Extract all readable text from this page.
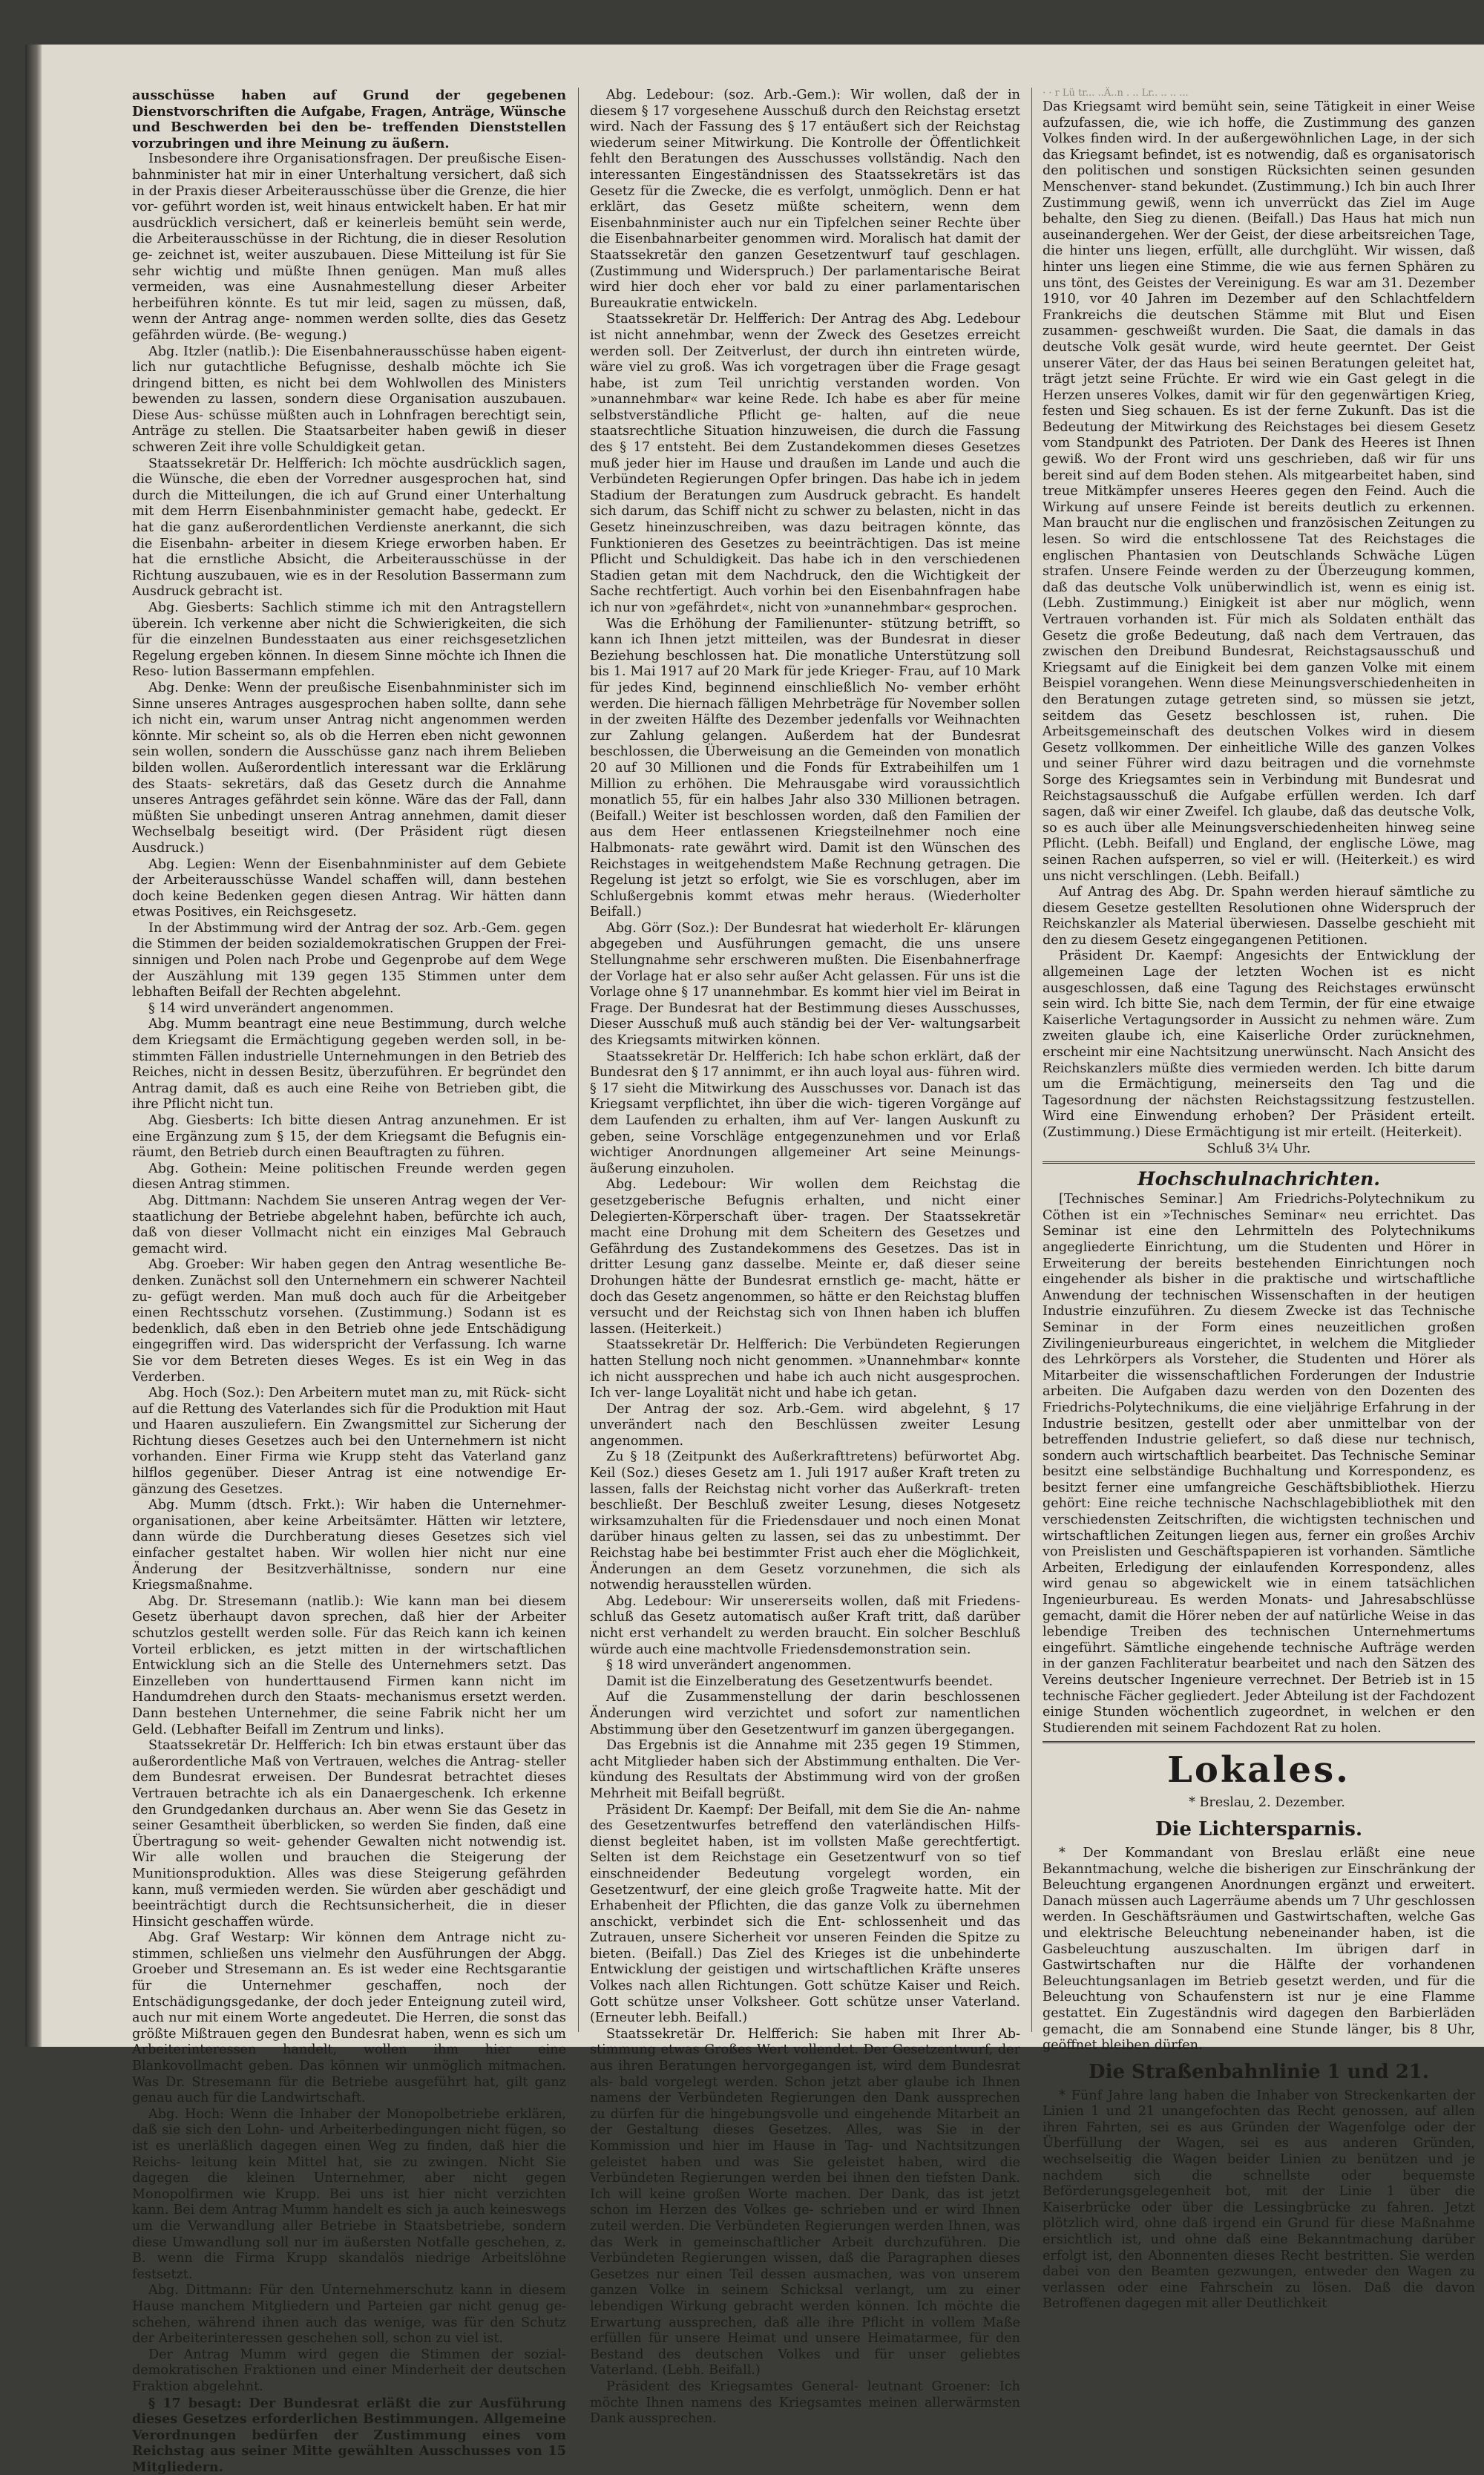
ausschüsse haben auf Grund der gegebenen Dienstvorschriften die Aufgabe, Fragen, Anträge, Wünsche und Beschwerden bei den be- treffenden Dienststellen vorzubringen und ihre Meinung zu äußern.

Insbesondere ihre Organisationsfragen. Der preußische Eisen- bahnminister hat mir in einer Unterhaltung versichert, daß sich in der Praxis dieser Arbeiterausschüsse über die Grenze, die hier vor- geführt worden ist, weit hinaus entwickelt haben. Er hat mir ausdrücklich versichert, daß er keinerleis bemüht sein werde, die Arbeiterausschüsse in der Richtung, die in dieser Resolution ge- zeichnet ist, weiter auszubauen. Diese Mitteilung ist für Sie sehr wichtig und müßte Ihnen genügen. Man muß alles vermeiden, was eine Ausnahmestellung dieser Arbeiter herbeiführen könnte. Es tut mir leid, sagen zu müssen, daß, wenn der Antrag ange- nommen werden sollte, dies das Gesetz gefährden würde. (Be- wegung.)

Abg. Itzler (natlib.): Die Eisenbahnerausschüsse haben eigent- lich nur gutachtliche Befugnisse, deshalb möchte ich Sie dringend bitten, es nicht bei dem Wohlwollen des Ministers bewenden zu lassen, sondern diese Organisation auszubauen. Diese Aus- schüsse müßten auch in Lohnfragen berechtigt sein, Anträge zu stellen. Die Staatsarbeiter haben gewiß in dieser schweren Zeit ihre volle Schuldigkeit getan.

Staatssekretär Dr. Helfferich: Ich möchte ausdrücklich sagen, die Wünsche, die eben der Vorredner ausgesprochen hat, sind durch die Mitteilungen, die ich auf Grund einer Unterhaltung mit dem Herrn Eisenbahnminister gemacht habe, gedeckt. Er hat die ganz außerordentlichen Verdienste anerkannt, die sich die Eisenbahn- arbeiter in diesem Kriege erworben haben. Er hat die ernstliche Absicht, die Arbeiterausschüsse in der Richtung auszubauen, wie es in der Resolution Bassermann zum Ausdruck gebracht ist.

Abg. Giesberts: Sachlich stimme ich mit den Antragstellern überein. Ich verkenne aber nicht die Schwierigkeiten, die sich für die einzelnen Bundesstaaten aus einer reichsgesetzlichen Regelung ergeben können. In diesem Sinne möchte ich Ihnen die Reso- lution Bassermann empfehlen.

Abg. Denke: Wenn der preußische Eisenbahnminister sich im Sinne unseres Antrages ausgesprochen haben sollte, dann sehe ich nicht ein, warum unser Antrag nicht angenommen werden könnte. Mir scheint so, als ob die Herren eben nicht gewonnen sein wollen, sondern die Ausschüsse ganz nach ihrem Belieben bilden wollen. Außerordentlich interessant war die Erklärung des Staats- sekretärs, daß das Gesetz durch die Annahme unseres Antrages gefährdet sein könne. Wäre das der Fall, dann müßten Sie unbedingt unseren Antrag annehmen, damit dieser Wechselbalg beseitigt wird. (Der Präsident rügt diesen Ausdruck.)

Abg. Legien: Wenn der Eisenbahnminister auf dem Gebiete der Arbeiterausschüsse Wandel schaffen will, dann bestehen doch keine Bedenken gegen diesen Antrag. Wir hätten dann etwas Positives, ein Reichsgesetz.

In der Abstimmung wird der Antrag der soz. Arb.-Gem. gegen die Stimmen der beiden sozialdemokratischen Gruppen der Frei- sinnigen und Polen nach Probe und Gegenprobe auf dem Wege der Auszählung mit 139 gegen 135 Stimmen unter dem lebhaften Beifall der Rechten abgelehnt.

§ 14 wird unverändert angenommen.

Abg. Mumm beantragt eine neue Bestimmung, durch welche dem Kriegsamt die Ermächtigung gegeben werden soll, in be- stimmten Fällen industrielle Unternehmungen in den Betrieb des Reiches, nicht in dessen Besitz, überzuführen. Er begründet den Antrag damit, daß es auch eine Reihe von Betrieben gibt, die ihre Pflicht nicht tun.

Abg. Giesberts: Ich bitte diesen Antrag anzunehmen. Er ist eine Ergänzung zum § 15, der dem Kriegsamt die Befugnis ein- räumt, den Betrieb durch einen Beauftragten zu führen.

Abg. Gothein: Meine politischen Freunde werden gegen diesen Antrag stimmen.

Abg. Dittmann: Nachdem Sie unseren Antrag wegen der Ver- staatlichung der Betriebe abgelehnt haben, befürchte ich auch, daß von dieser Vollmacht nicht ein einziges Mal Gebrauch gemacht wird.

Abg. Groeber: Wir haben gegen den Antrag wesentliche Be- denken. Zunächst soll den Unternehmern ein schwerer Nachteil zu- gefügt werden. Man muß doch auch für die Arbeitgeber einen Rechtsschutz vorsehen. (Zustimmung.) Sodann ist es bedenklich, daß eben in den Betrieb ohne jede Entschädigung eingegriffen wird. Das widerspricht der Verfassung. Ich warne Sie vor dem Betreten dieses Weges. Es ist ein Weg in das Verderben.

Abg. Hoch (Soz.): Den Arbeitern mutet man zu, mit Rück- sicht auf die Rettung des Vaterlandes sich für die Produktion mit Haut und Haaren auszuliefern. Ein Zwangsmittel zur Sicherung der Richtung dieses Gesetzes auch bei den Unternehmern ist nicht vorhanden. Einer Firma wie Krupp steht das Vaterland ganz hilflos gegenüber. Dieser Antrag ist eine notwendige Er- gänzung des Gesetzes.

Abg. Mumm (dtsch. Frkt.): Wir haben die Unternehmer- organisationen, aber keine Arbeitsämter. Hätten wir letztere, dann würde die Durchberatung dieses Gesetzes sich viel einfacher gestaltet haben. Wir wollen hier nicht nur eine Änderung der Besitzverhältnisse, sondern nur eine Kriegsmaßnahme.

Abg. Dr. Stresemann (natlib.): Wie kann man bei diesem Gesetz überhaupt davon sprechen, daß hier der Arbeiter schutzlos gestellt werden solle. Für das Reich kann ich keinen Vorteil erblicken, es jetzt mitten in der wirtschaftlichen Entwicklung sich an die Stelle des Unternehmers setzt. Das Einzelleben von hunderttausend Firmen kann nicht im Handumdrehen durch den Staats- mechanismus ersetzt werden. Dann bestehen Unternehmer, die seine Fabrik nicht her um Geld. (Lebhafter Beifall im Zentrum und links).

Staatssekretär Dr. Helfferich: Ich bin etwas erstaunt über das außerordentliche Maß von Vertrauen, welches die Antrag- steller dem Bundesrat erweisen. Der Bundesrat betrachtet dieses Vertrauen betrachte ich als ein Danaergeschenk. Ich erkenne den Grundgedanken durchaus an. Aber wenn Sie das Gesetz in seiner Gesamtheit überblicken, so werden Sie finden, daß eine Übertragung so weit- gehender Gewalten nicht notwendig ist. Wir alle wollen und brauchen die Steigerung der Munitionsproduktion. Alles was diese Steigerung gefährden kann, muß vermieden werden. Sie würden aber geschädigt und beeinträchtigt durch die Rechtsunsicherheit, die in dieser Hinsicht geschaffen würde.

Abg. Graf Westarp: Wir können dem Antrage nicht zu- stimmen, schließen uns vielmehr den Ausführungen der Abgg. Groeber und Stresemann an. Es ist weder eine Rechtsgarantie für die Unternehmer geschaffen, noch der Entschädigungsgedanke, der doch jeder Enteignung zuteil wird, auch nur mit einem Worte angedeutet. Die Herren, die sonst das größte Mißtrauen gegen den Bundesrat haben, wenn es sich um Arbeiterinteressen handelt, wollen ihm hier eine Blankovollmacht geben. Das können wir unmöglich mitmachen. Was Dr. Stresemann für die Betriebe ausgeführt hat, gilt ganz genau auch für die Landwirtschaft.

Abg. Hoch: Wenn die Inhaber der Monopolbetriebe erklären, daß sie sich den Lohn- und Arbeiterbedingungen nicht fügen, so ist es unerläßlich dagegen einen Weg zu finden, daß hier die Reichs- leitung kein Mittel hat, sie zu zwingen. Nicht Sie dagegen die kleinen Unternehmer, aber nicht gegen Monopolfirmen wie Krupp. Bei uns ist hier nicht verzichten kann. Bei dem Antrag Mumm handelt es sich ja auch keineswegs um die Verwandlung aller Betriebe in Staatsbetriebe, sondern diese Umwandlung soll nur im äußersten Notfalle geschehen, z. B. wenn die Firma Krupp skandalös niedrige Arbeitslöhne festsetzt.

Abg. Dittmann: Für den Unternehmerschutz kann in diesem Hause manchem Mitgliedern und Parteien gar nicht genug ge- schehen, während ihnen auch das wenige, was für den Schutz der Arbeiterinteressen geschehen soll, schon zu viel ist.

Der Antrag Mumm wird gegen die Stimmen der sozial- demokratischen Fraktionen und einer Minderheit der deutschen Fraktion abgelehnt.

§ 17 besagt: Der Bundesrat erläßt die zur Ausführung dieses Gesetzes erforderlichen Bestimmungen. Allgemeine Verordnungen bedürfen der Zustimmung eines vom Reichstag aus seiner Mitte gewählten Ausschusses von 15 Mitgliedern.

Abg. Ledebour: (soz. Arb.-Gem.): Wir wollen, daß der in diesem § 17 vorgesehene Ausschuß durch den Reichstag ersetzt wird. Nach der Fassung des § 17 entäußert sich der Reichstag wiederum seiner Mitwirkung. Die Kontrolle der Öffentlichkeit fehlt den Beratungen des Ausschusses vollständig. Nach den interessanten Eingeständnissen des Staatssekretärs ist das Gesetz für die Zwecke, die es verfolgt, unmöglich. Denn er hat erklärt, das Gesetz müßte scheitern, wenn dem Eisenbahnminister auch nur ein Tipfelchen seiner Rechte über die Eisenbahnarbeiter genommen wird. Moralisch hat damit der Staatssekretär den ganzen Gesetzentwurf tauf geschlagen. (Zustimmung und Widerspruch.) Der parlamentarische Beirat wird hier doch eher vor bald zu einer parlamentarischen Bureaukratie entwickeln.

Staatssekretär Dr. Helfferich: Der Antrag des Abg. Ledebour ist nicht annehmbar, wenn der Zweck des Gesetzes erreicht werden soll. Der Zeitverlust, der durch ihn eintreten würde, wäre viel zu groß. Was ich vorgetragen über die Frage gesagt habe, ist zum Teil unrichtig verstanden worden. Von »unannehmbar« war keine Rede. Ich habe es aber für meine selbstverständliche Pflicht ge- halten, auf die neue staatsrechtliche Situation hinzuweisen, die durch die Fassung des § 17 entsteht. Bei dem Zustandekommen dieses Gesetzes muß jeder hier im Hause und draußen im Lande und auch die Verbündeten Regierungen Opfer bringen. Das habe ich in jedem Stadium der Beratungen zum Ausdruck gebracht. Es handelt sich darum, das Schiff nicht zu schwer zu belasten, nicht in das Gesetz hineinzuschreiben, was dazu beitragen könnte, das Funktionieren des Gesetzes zu beeinträchtigen. Das ist meine Pflicht und Schuldigkeit. Das habe ich in den verschiedenen Stadien getan mit dem Nachdruck, den die Wichtigkeit der Sache rechtfertigt. Auch vorhin bei den Eisenbahnfragen habe ich nur von »gefährdet«, nicht von »unannehmbar« gesprochen.

Was die Erhöhung der Familienunter- stützung betrifft, so kann ich Ihnen jetzt mitteilen, was der Bundesrat in dieser Beziehung beschlossen hat. Die monatliche Unterstützung soll bis 1. Mai 1917 auf 20 Mark für jede Krieger- Frau, auf 10 Mark für jedes Kind, beginnend einschließlich No- vember erhöht werden. Die hiernach fälligen Mehrbeträge für November sollen in der zweiten Hälfte des Dezember jedenfalls vor Weihnachten zur Zahlung gelangen. Außerdem hat der Bundesrat beschlossen, die Überweisung an die Gemeinden von monatlich 20 auf 30 Millionen und die Fonds für Extrabeihilfen um 1 Million zu erhöhen. Die Mehrausgabe wird voraussichtlich monatlich 55, für ein halbes Jahr also 330 Millionen betragen. (Beifall.) Weiter ist beschlossen worden, daß den Familien der aus dem Heer entlassenen Kriegsteilnehmer noch eine Halbmonats- rate gewährt wird. Damit ist den Wünschen des Reichstages in weitgehendstem Maße Rechnung getragen. Die Regelung ist jetzt so erfolgt, wie Sie es vorschlugen, aber im Schlußergebnis kommt etwas mehr heraus. (Wiederholter Beifall.)

Abg. Görr (Soz.): Der Bundesrat hat wiederholt Er- klärungen abgegeben und Ausführungen gemacht, die uns unsere Stellungnahme sehr erschweren mußten. Die Eisenbahnerfrage der Vorlage hat er also sehr außer Acht gelassen. Für uns ist die Vorlage ohne § 17 unannehmbar. Es kommt hier viel im Beirat in Frage. Der Bundesrat hat der Bestimmung dieses Ausschusses, Dieser Ausschuß muß auch ständig bei der Ver- waltungsarbeit des Kriegsamts mitwirken können.

Staatssekretär Dr. Helfferich: Ich habe schon erklärt, daß der Bundesrat den § 17 annimmt, er ihn auch loyal aus- führen wird. § 17 sieht die Mitwirkung des Ausschusses vor. Danach ist das Kriegsamt verpflichtet, ihn über die wich- tigeren Vorgänge auf dem Laufenden zu erhalten, ihm auf Ver- langen Auskunft zu geben, seine Vorschläge entgegenzunehmen und vor Erlaß wichtiger Anordnungen allgemeiner Art seine Meinungs- äußerung einzuholen.

Abg. Ledebour: Wir wollen dem Reichstag die gesetzgeberische Befugnis erhalten, und nicht einer Delegierten-Körperschaft über- tragen. Der Staatssekretär macht eine Drohung mit dem Scheitern des Gesetzes und Gefährdung des Zustandekommens des Gesetzes. Das ist in dritter Lesung ganz dasselbe. Meinte er, daß dieser seine Drohungen hätte der Bundesrat ernstlich ge- macht, hätte er doch das Gesetz angenommen, so hätte er den Reichstag bluffen versucht und der Reichstag sich von Ihnen haben ich bluffen lassen. (Heiterkeit.)

Staatssekretär Dr. Helfferich: Die Verbündeten Regierungen hatten Stellung noch nicht genommen. »Unannehmbar« konnte ich nicht aussprechen und habe ich auch nicht ausgesprochen. Ich ver- lange Loyalität nicht und habe ich getan.

Der Antrag der soz. Arb.-Gem. wird abgelehnt, § 17 unverändert nach den Beschlüssen zweiter Lesung angenommen.

Zu § 18 (Zeitpunkt des Außerkrafttretens) befürwortet Abg. Keil (Soz.) dieses Gesetz am 1. Juli 1917 außer Kraft treten zu lassen, falls der Reichstag nicht vorher das Außerkraft- treten beschließt. Der Beschluß zweiter Lesung, dieses Notgesetz wirksamzuhalten für die Friedensdauer und noch einen Monat darüber hinaus gelten zu lassen, sei das zu unbestimmt. Der Reichstag habe bei bestimmter Frist auch eher die Möglichkeit, Änderungen an dem Gesetz vorzunehmen, die sich als notwendig herausstellen würden.

Abg. Ledebour: Wir unsererseits wollen, daß mit Friedens- schluß das Gesetz automatisch außer Kraft tritt, daß darüber nicht erst verhandelt zu werden braucht. Ein solcher Beschluß würde auch eine machtvolle Friedensdemonstration sein.

§ 18 wird unverändert angenommen.

Damit ist die Einzelberatung des Gesetzentwurfs beendet.

Auf die Zusammenstellung der darin beschlossenen Änderungen wird verzichtet und sofort zur namentlichen Abstimmung über den Gesetzentwurf im ganzen übergegangen.

Das Ergebnis ist die Annahme mit 235 gegen 19 Stimmen, acht Mitglieder haben sich der Abstimmung enthalten. Die Ver- kündung des Resultats der Abstimmung wird von der großen Mehrheit mit Beifall begrüßt.

Präsident Dr. Kaempf: Der Beifall, mit dem Sie die An- nahme des Gesetzentwurfes betreffend den vaterländischen Hilfs- dienst begleitet haben, ist im vollsten Maße gerechtfertigt. Selten ist dem Reichstage ein Gesetzentwurf von so tief einschneidender Bedeutung vorgelegt worden, ein Gesetzentwurf, der eine gleich große Tragweite hatte. Mit der Erhabenheit der Pflichten, die das ganze Volk zu übernehmen anschickt, verbindet sich die Ent- schlossenheit und das Zutrauen, unsere Sicherheit vor unseren Feinden die Spitze zu bieten. (Beifall.) Das Ziel des Krieges ist die unbehinderte Entwicklung der geistigen und wirtschaftlichen Kräfte unseres Volkes nach allen Richtungen. Gott schütze Kaiser und Reich. Gott schütze unser Volksheer. Gott schütze unser Vaterland. (Erneuter lebh. Beifall.)

Staatssekretär Dr. Helfferich: Sie haben mit Ihrer Ab- stimmung etwas Großes Wert vollendet. Der Gesetzentwurf, der aus ihren Beratungen hervorgegangen ist, wird dem Bundesrat als- bald vorgelegt werden. Schon jetzt aber glaube ich Ihnen namens der Verbündeten Regierungen den Dank aussprechen zu dürfen für die hingebungsvolle und eingehende Mitarbeit an der Gestaltung dieses Gesetzes. Alles, was Sie in der Kommission und hier im Hause in Tag- und Nachtsitzungen geleistet haben und was Sie geleistet haben, wird die Verbündeten Regierungen werden bei ihnen den tiefsten Dank. Ich will keine großen Worte machen. Der Dank, das ist jetzt schon im Herzen des Volkes ge- schrieben und er wird Ihnen zuteil werden. Die Verbündeten Regierungen werden Ihnen, was das Werk in gemeinschaftlicher Arbeit durchzuführen. Die Verbündeten Regierungen wissen, daß die Paragraphen dieses Gesetzes nur einen Teil dessen ausmachen, was von unserem ganzen Volke in seinem Schicksal verlangt, um zu einer lebendigen Wirkung gebracht werden können. Ich möchte die Erwartung aussprechen, daß alle ihre Pflicht in vollem Maße erfüllen für unsere Heimat und unsere Heimatarmee, für den Bestand des deutschen Volkes und für unser geliebtes Vaterland. (Lebh. Beifall.)

Präsident des Kriegsamtes General- leutnant Groener: Ich möchte Ihnen namens des Kriegsamtes meinen allerwärmsten Dank aussprechen.

· · r Lü tr... ..Ä..n . .. Lr.. .. .. ...

Das Kriegsamt wird bemüht sein, seine Tätigkeit in einer Weise aufzufassen, die, wie ich hoffe, die Zustimmung des ganzen Volkes finden wird. In der außergewöhnlichen Lage, in der sich das Kriegsamt befindet, ist es notwendig, daß es organisatorisch den politischen und sonstigen Rücksichten seinen gesunden Menschenver- stand bekundet. (Zustimmung.) Ich bin auch Ihrer Zustimmung gewiß, wenn ich unverrückt das Ziel im Auge behalte, den Sieg zu dienen. (Beifall.) Das Haus hat mich nun auseinandergehen. Wer der Geist, der diese arbeitsreichen Tage, die hinter uns liegen, erfüllt, alle durchglüht. Wir wissen, daß hinter uns liegen eine Stimme, die wie aus fernen Sphären zu uns tönt, des Geistes der Vereinigung. Es war am 31. Dezember 1910, vor 40 Jahren im Dezember auf den Schlachtfeldern Frankreichs die deutschen Stämme mit Blut und Eisen zusammen- geschweißt wurden. Die Saat, die damals in das deutsche Volk gesät wurde, wird heute geerntet. Der Geist unserer Väter, der das Haus bei seinen Beratungen geleitet hat, trägt jetzt seine Früchte. Er wird wie ein Gast gelegt in die Herzen unseres Volkes, damit wir für den gegenwärtigen Krieg, festen und Sieg schauen. Es ist der ferne Zukunft. Das ist die Bedeutung der Mitwirkung des Reichstages bei diesem Gesetz vom Standpunkt des Patrioten. Der Dank des Heeres ist Ihnen gewiß. Wo der Front wird uns geschrieben, daß wir für uns bereit sind auf dem Boden stehen. Als mitgearbeitet haben, sind treue Mitkämpfer unseres Heeres gegen den Feind. Auch die Wirkung auf unsere Feinde ist bereits deutlich zu erkennen. Man braucht nur die englischen und französischen Zeitungen zu lesen. So wird die entschlossene Tat des Reichstages die englischen Phantasien von Deutschlands Schwäche Lügen strafen. Unsere Feinde werden zu der Überzeugung kommen, daß das deutsche Volk unüberwindlich ist, wenn es einig ist. (Lebh. Zustimmung.) Einigkeit ist aber nur möglich, wenn Vertrauen vorhanden ist. Für mich als Soldaten enthält das Gesetz die große Bedeutung, daß nach dem Vertrauen, das zwischen den Dreibund Bundesrat, Reichstagsausschuß und Kriegsamt auf die Einigkeit bei dem ganzen Volke mit einem Beispiel vorangehen. Wenn diese Meinungsverschiedenheiten in den Beratungen zutage getreten sind, so müssen sie jetzt, seitdem das Gesetz beschlossen ist, ruhen. Die Arbeitsgemeinschaft des deutschen Volkes wird in diesem Gesetz vollkommen. Der einheitliche Wille des ganzen Volkes und seiner Führer wird dazu beitragen und die vornehmste Sorge des Kriegsamtes sein in Verbindung mit Bundesrat und Reichstagsausschuß die Aufgabe erfüllen werden. Ich darf sagen, daß wir einer Zweifel. Ich glaube, daß das deutsche Volk, so es auch über alle Meinungsverschiedenheiten hinweg seine Pflicht. (Lebh. Beifall) und England, der englische Löwe, mag seinen Rachen aufsperren, so viel er will. (Heiterkeit.) es wird uns nicht verschlingen. (Lebh. Beifall.)

Auf Antrag des Abg. Dr. Spahn werden hierauf sämtliche zu diesem Gesetze gestellten Resolutionen ohne Widerspruch der Reichskanzler als Material überwiesen. Dasselbe geschieht mit den zu diesem Gesetz eingegangenen Petitionen.

Präsident Dr. Kaempf: Angesichts der Entwicklung der allgemeinen Lage der letzten Wochen ist es nicht ausgeschlossen, daß eine Tagung des Reichstages erwünscht sein wird. Ich bitte Sie, nach dem Termin, der für eine etwaige Kaiserliche Vertagungsorder in Aussicht zu nehmen wäre. Zum zweiten glaube ich, eine Kaiserliche Order zurücknehmen, erscheint mir eine Nachtsitzung unerwünscht. Nach Ansicht des Reichskanzlers müßte dies vermieden werden. Ich bitte darum um die Ermächtigung, meinerseits den Tag und die Tagesordnung der nächsten Reichstagssitzung festzustellen. Wird eine Einwendung erhoben? Der Präsident erteilt. (Zustimmung.) Diese Ermächtigung ist mir erteilt. (Heiterkeit).

Schluß 3¼ Uhr.

Hochschulnachrichten.

[Technisches Seminar.] Am Friedrichs-Polytechnikum zu Cöthen ist ein »Technisches Seminar« neu errichtet. Das Seminar ist eine den Lehrmitteln des Polytechnikums angegliederte Einrichtung, um die Studenten und Hörer in Erweiterung der bereits bestehenden Einrichtungen noch eingehender als bisher in die praktische und wirtschaftliche Anwendung der technischen Wissenschaften in der heutigen Industrie einzuführen. Zu diesem Zwecke ist das Technische Seminar in der Form eines neuzeitlichen großen Zivilingenieurbureaus eingerichtet, in welchem die Mitglieder des Lehrkörpers als Vorsteher, die Studenten und Hörer als Mitarbeiter die wissenschaftlichen Forderungen der Industrie arbeiten. Die Aufgaben dazu werden von den Dozenten des Friedrichs-Polytechnikums, die eine vieljährige Erfahrung in der Industrie besitzen, gestellt oder aber unmittelbar von der betreffenden Industrie geliefert, so daß diese nur technisch, sondern auch wirtschaftlich bearbeitet. Das Technische Seminar besitzt eine selbständige Buchhaltung und Korrespondenz, es besitzt ferner eine umfangreiche Geschäftsbibliothek. Hierzu gehört: Eine reiche technische Nachschlagebibliothek mit den verschiedensten Zeitschriften, die wichtigsten technischen und wirtschaftlichen Zeitungen liegen aus, ferner ein großes Archiv von Preislisten und Geschäftspapieren ist vorhanden. Sämtliche Arbeiten, Erledigung der einlaufenden Korrespondenz, alles wird genau so abgewickelt wie in einem tatsächlichen Ingenieurbureau. Es werden Monats- und Jahresabschlüsse gemacht, damit die Hörer neben der auf natürliche Weise in das lebendige Treiben des technischen Unternehmertums eingeführt. Sämtliche eingehende technische Aufträge werden in der ganzen Fachliteratur bearbeitet und nach den Sätzen des Vereins deutscher Ingenieure verrechnet. Der Betrieb ist in 15 technische Fächer gegliedert. Jeder Abteilung ist der Fachdozent einige Stunden wöchentlich zugeordnet, in welchen er den Studierenden mit seinem Fachdozent Rat zu holen.

Lokales.

* Breslau, 2. Dezember.

Die Lichtersparnis.

* Der Kommandant von Breslau erläßt eine neue Bekanntmachung, welche die bisherigen zur Einschränkung der Beleuchtung ergangenen Anordnungen ergänzt und erweitert. Danach müssen auch Lagerräume abends um 7 Uhr geschlossen werden. In Geschäftsräumen und Gastwirtschaften, welche Gas und elektrische Beleuchtung nebeneinander haben, ist die Gasbeleuchtung auszuschalten. Im übrigen darf in Gastwirtschaften nur die Hälfte der vorhandenen Beleuchtungsanlagen im Betrieb gesetzt werden, und für die Beleuchtung von Schaufenstern ist nur je eine Flamme gestattet. Ein Zugeständnis wird dagegen den Barbierläden gemacht, die am Sonnabend eine Stunde länger, bis 8 Uhr, geöffnet bleiben dürfen.

Die Straßenbahnlinie 1 und 21.

* Fünf Jahre lang haben die Inhaber von Streckenkarten der Linien 1 und 21 unangefochten das Recht genossen, auf allen ihren Fahrten, sei es aus Gründen der Wagenfolge oder der Überfüllung der Wagen, sei es aus anderen Gründen, wechselseitig die Wagen beider Linien zu benützen und je nachdem sich die schnellste oder bequemste Beförderungsgelegenheit bot, mit der Linie 1 über die Kaiserbrücke oder über die Lessingbrücke zu fahren. Jetzt plötzlich wird, ohne daß irgend ein Grund für diese Maßnahme ersichtlich ist, und ohne daß eine Bekanntmachung darüber erfolgt ist, den Abonnenten dieses Recht bestritten. Sie werden dabei von den Beamten gezwungen, entweder den Wagen zu verlassen oder eine Fahrschein zu lösen. Daß die davon Betroffenen dagegen mit aller Deutlichkeit
